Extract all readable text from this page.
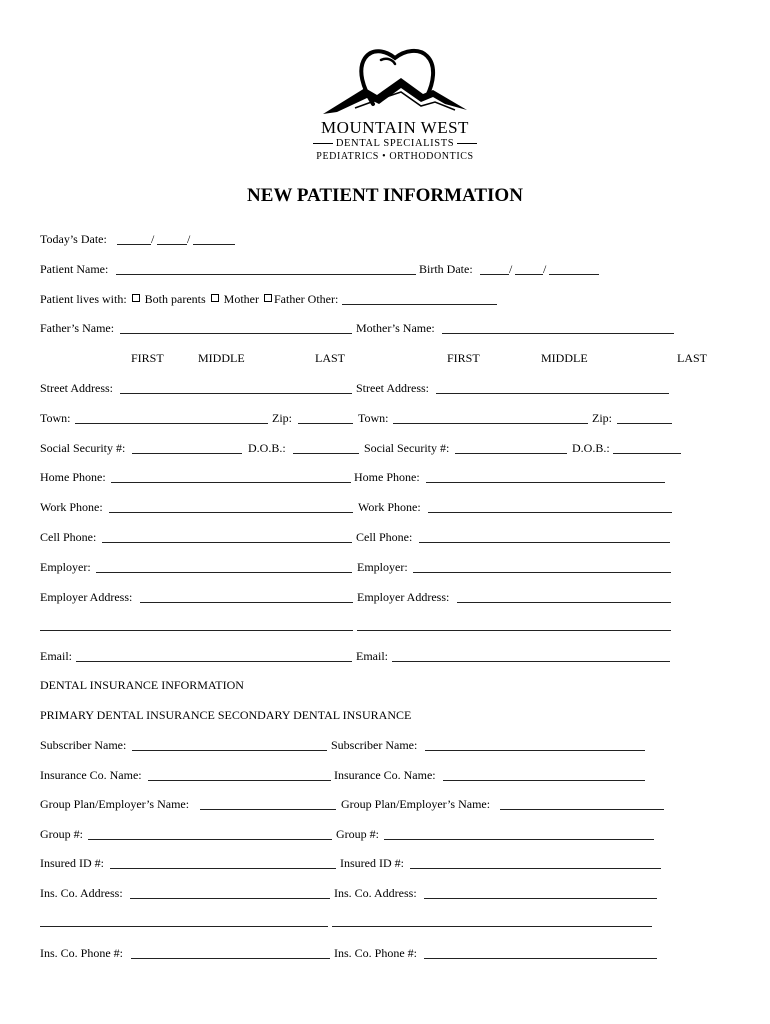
MOUNTAIN WEST
DENTAL SPECIALISTS
PEDIATRICS • ORTHODONTICS
NEW PATIENT INFORMATION
Today’s Date:	/	/
Patient Name:	Birth Date:	/	/
Patient lives with: Both parents Mother Father Other:
Father’s Name:	Mother’s Name:
FIRST	MIDDLE	LAST	FIRST	MIDDLE	LAST
Street Address:	Street Address:
Town:	Zip:	Town:	Zip:
Social Security #:	D.O.B.:	Social Security #:	D.O.B.:
Home Phone:	Home Phone:
Work Phone:	Work Phone:
Cell Phone:	Cell Phone:
Employer:	Employer:
Employer Address:	Employer Address:
Email:	Email:
DENTAL INSURANCE INFORMATION
PRIMARY DENTAL INSURANCE SECONDARY DENTAL INSURANCE
Subscriber Name:	Subscriber Name:
Insurance Co. Name:	Insurance Co. Name:
Group Plan/Employer’s Name:	Group Plan/Employer’s Name:
Group #:	Group #:
Insured ID #:	Insured ID #:
Ins. Co. Address:	Ins. Co. Address:
Ins. Co. Phone #:	Ins. Co. Phone #:
